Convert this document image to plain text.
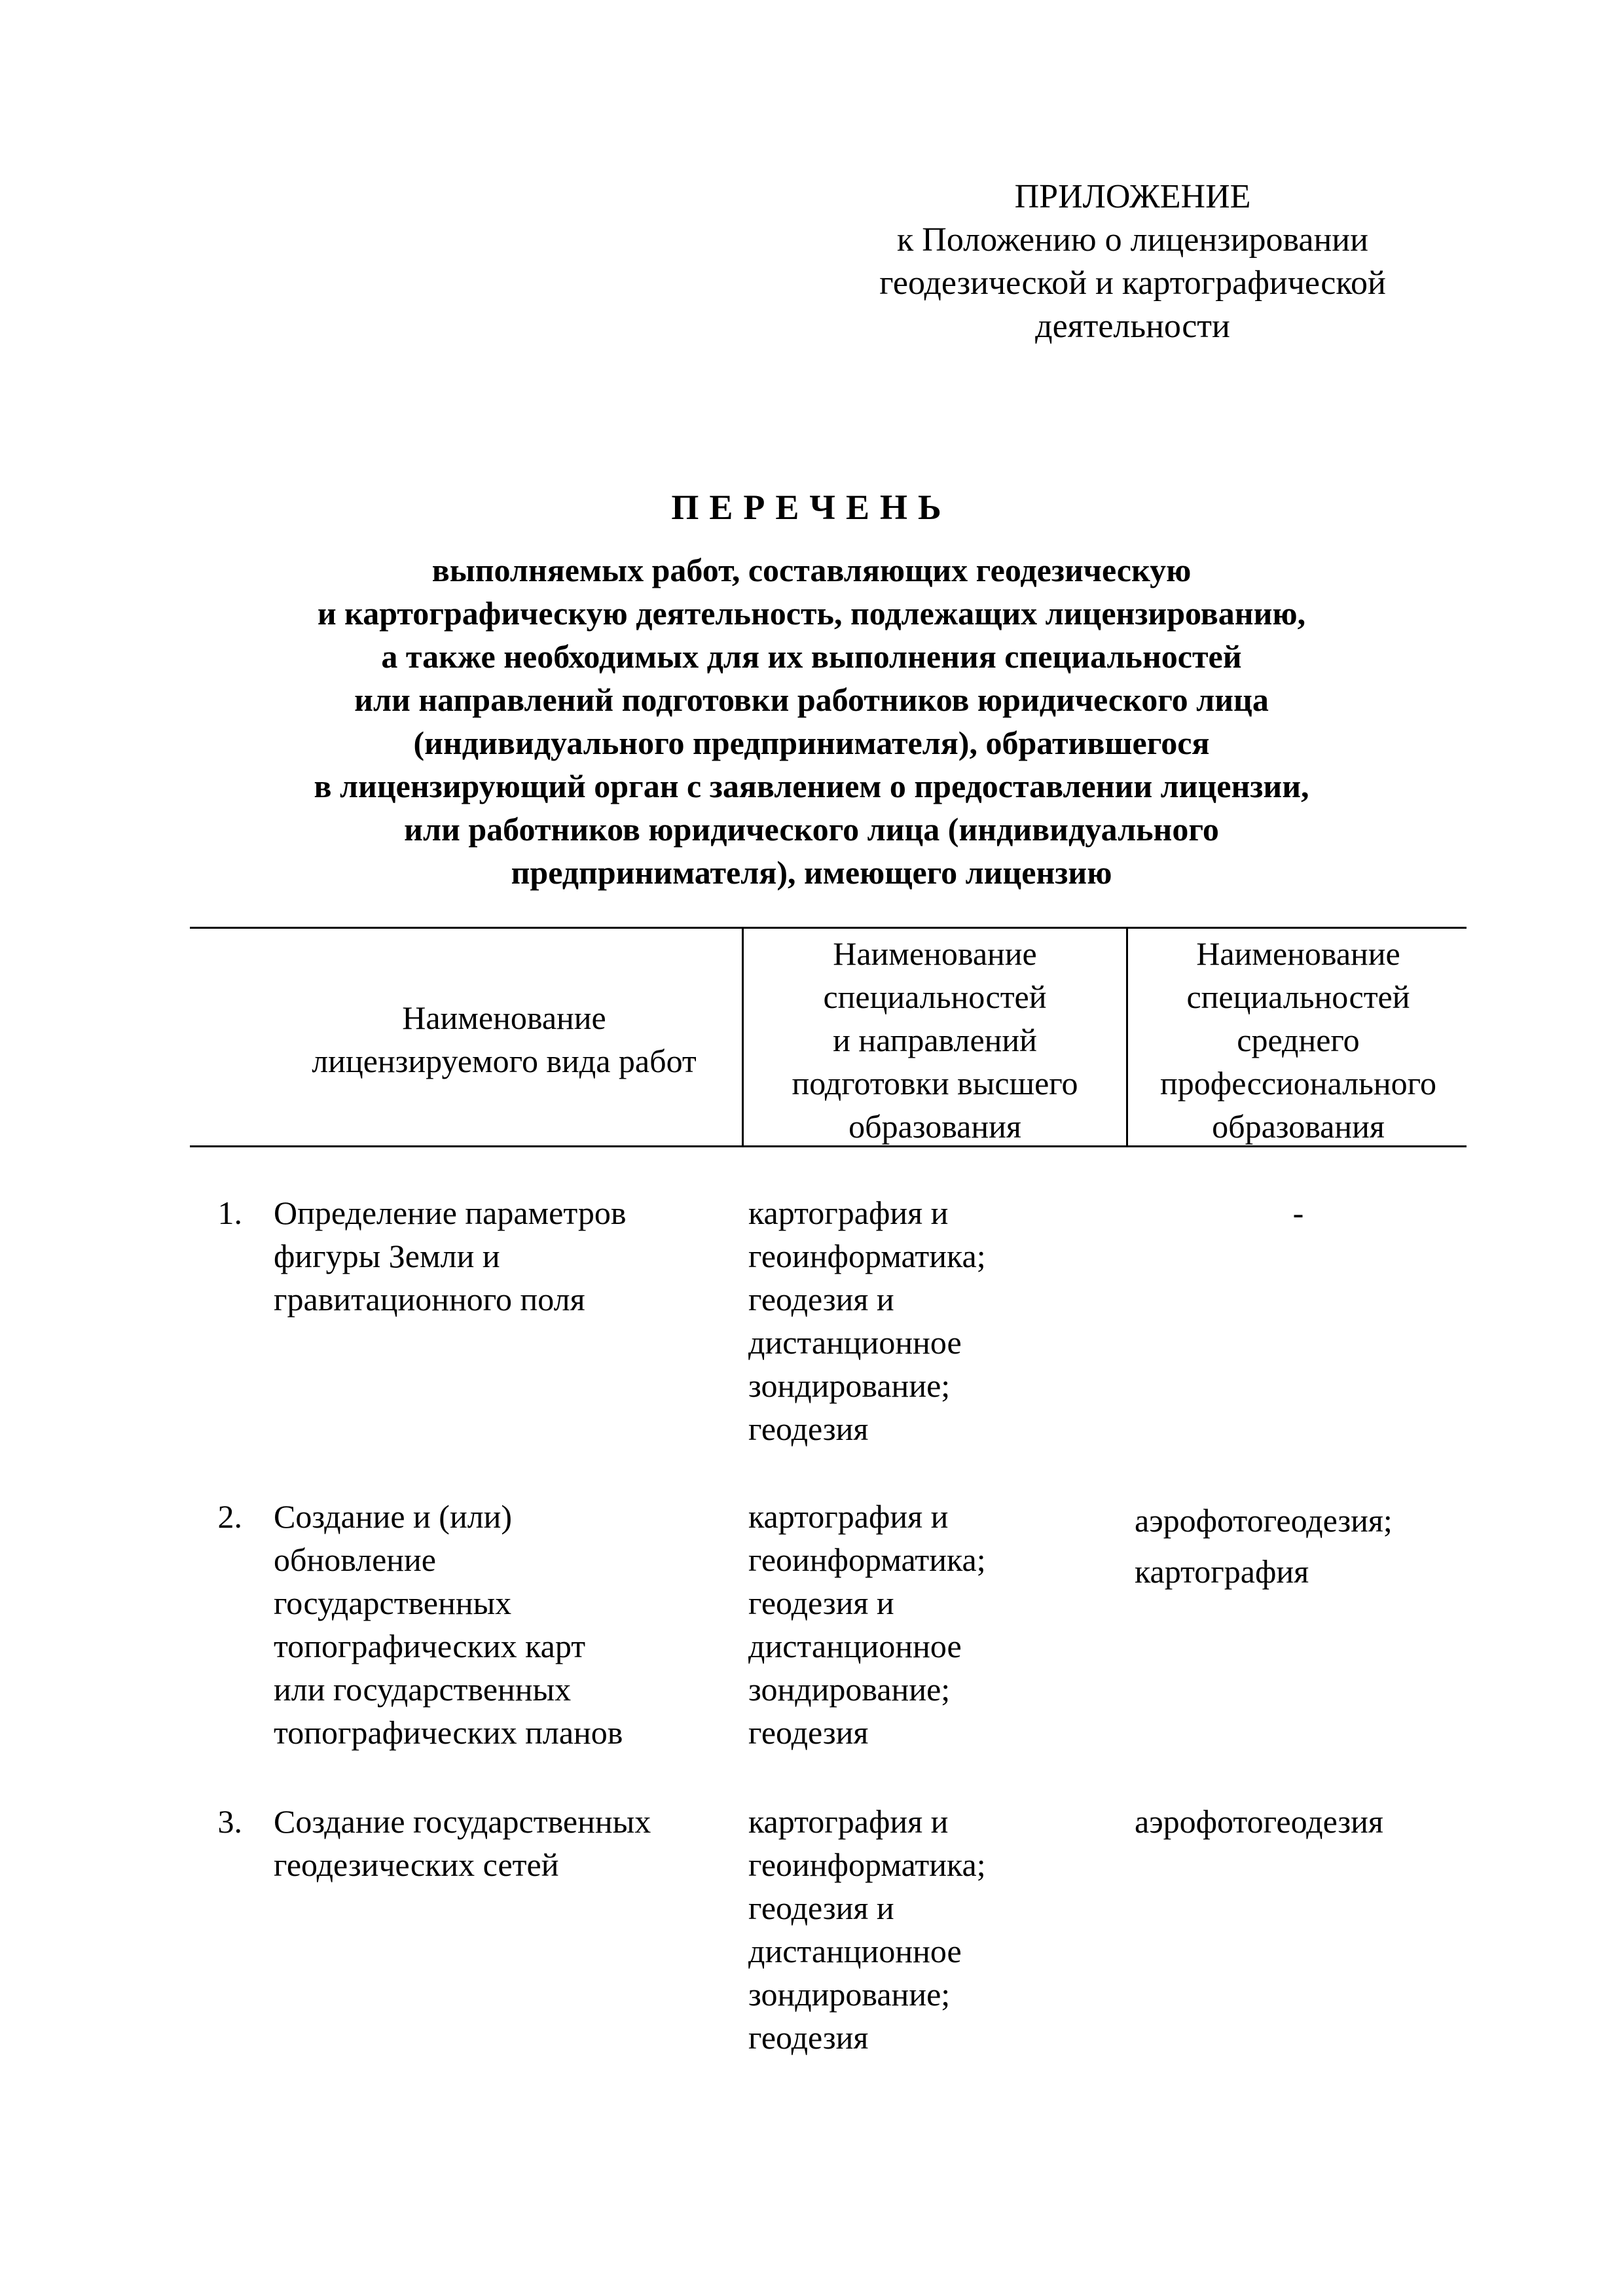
ПРИЛОЖЕНИЕ
к Положению о лицензировании
геодезической и картографической
деятельности
ПЕРЕЧЕНЬ
выполняемых работ, составляющих геодезическую
и картографическую деятельность, подлежащих лицензированию,
а также необходимых для их выполнения специальностей
или направлений подготовки работников юридического лица
(индивидуального предпринимателя), обратившегося
в лицензирующий орган с заявлением о предоставлении лицензии,
или работников юридического лица (индивидуального
предпринимателя), имеющего лицензию
Наименование
лицензируемого вида работ
Наименование
специальностей
и направлений
подготовки высшего
образования
Наименование
специальностей
среднего
профессионального
образования
1. Определение параметров
фигуры Земли и
гравитационного поля
картография и
геоинформатика;
геодезия и
дистанционное
зондирование;
геодезия
-
2. Создание и (или)
обновление
государственных
топографических карт
или государственных
топографических планов
картография и
геоинформатика;
геодезия и
дистанционное
зондирование;
геодезия
аэрофотогеодезия;
картография
3. Создание государственных
геодезических сетей
картография и
геоинформатика;
геодезия и
дистанционное
зондирование;
геодезия
аэрофотогеодезия
